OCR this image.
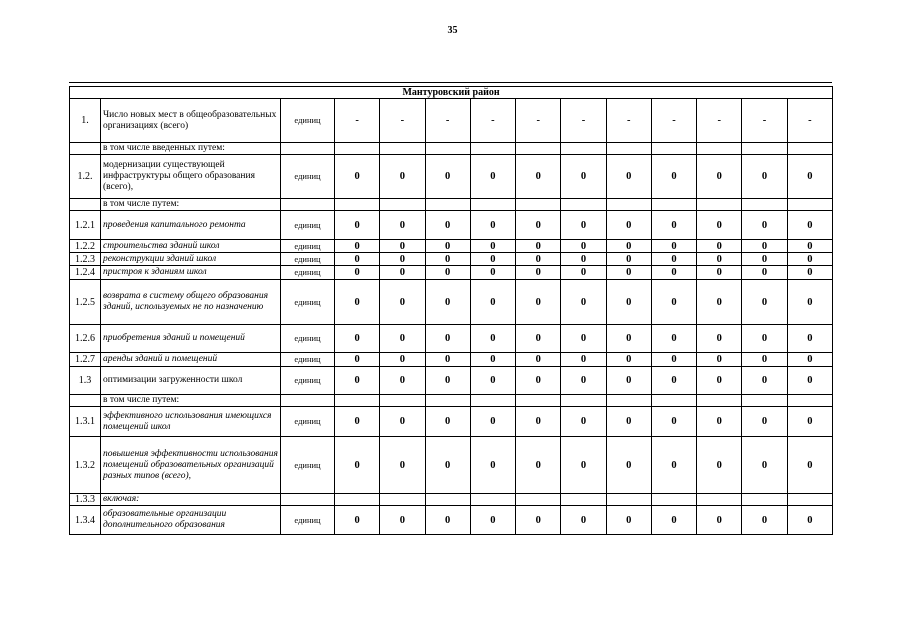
35
Мантуровский район													
1.	Число новых мест в общеобразовательных организациях (всего)	единиц	-	-	-	-	-	-	-	-	-	-	-
	в том числе введенных путем:												
1.2.	модернизации существующей инфраструктуры общего образования (всего),	единиц	0	0	0	0	0	0	0	0	0	0	0
	в том числе путем:												
1.2.1	проведения капитального ремонта	единиц	0	0	0	0	0	0	0	0	0	0	0
1.2.2	строительства зданий школ	единиц	0	0	0	0	0	0	0	0	0	0	0
1.2.3	реконструкции зданий школ	единиц	0	0	0	0	0	0	0	0	0	0	0
1.2.4	пристроя к зданиям школ	единиц	0	0	0	0	0	0	0	0	0	0	0
1.2.5	возврата в систему общего образования зданий, используемых не по назначению	единиц	0	0	0	0	0	0	0	0	0	0	0
1.2.6	приобретения зданий и помещений	единиц	0	0	0	0	0	0	0	0	0	0	0
1.2.7	аренды зданий и помещений	единиц	0	0	0	0	0	0	0	0	0	0	0
1.3	оптимизации загруженности школ	единиц	0	0	0	0	0	0	0	0	0	0	0
	в том числе путем:												
1.3.1	эффективного использования имеющихся помещений школ	единиц	0	0	0	0	0	0	0	0	0	0	0
1.3.2	повышения эффективности использования помещений образовательных организаций разных типов (всего),	единиц	0	0	0	0	0	0	0	0	0	0	0
1.3.3	включая:												
1.3.4	образовательные организации дополнительного образования	единиц	0	0	0	0	0	0	0	0	0	0	0
